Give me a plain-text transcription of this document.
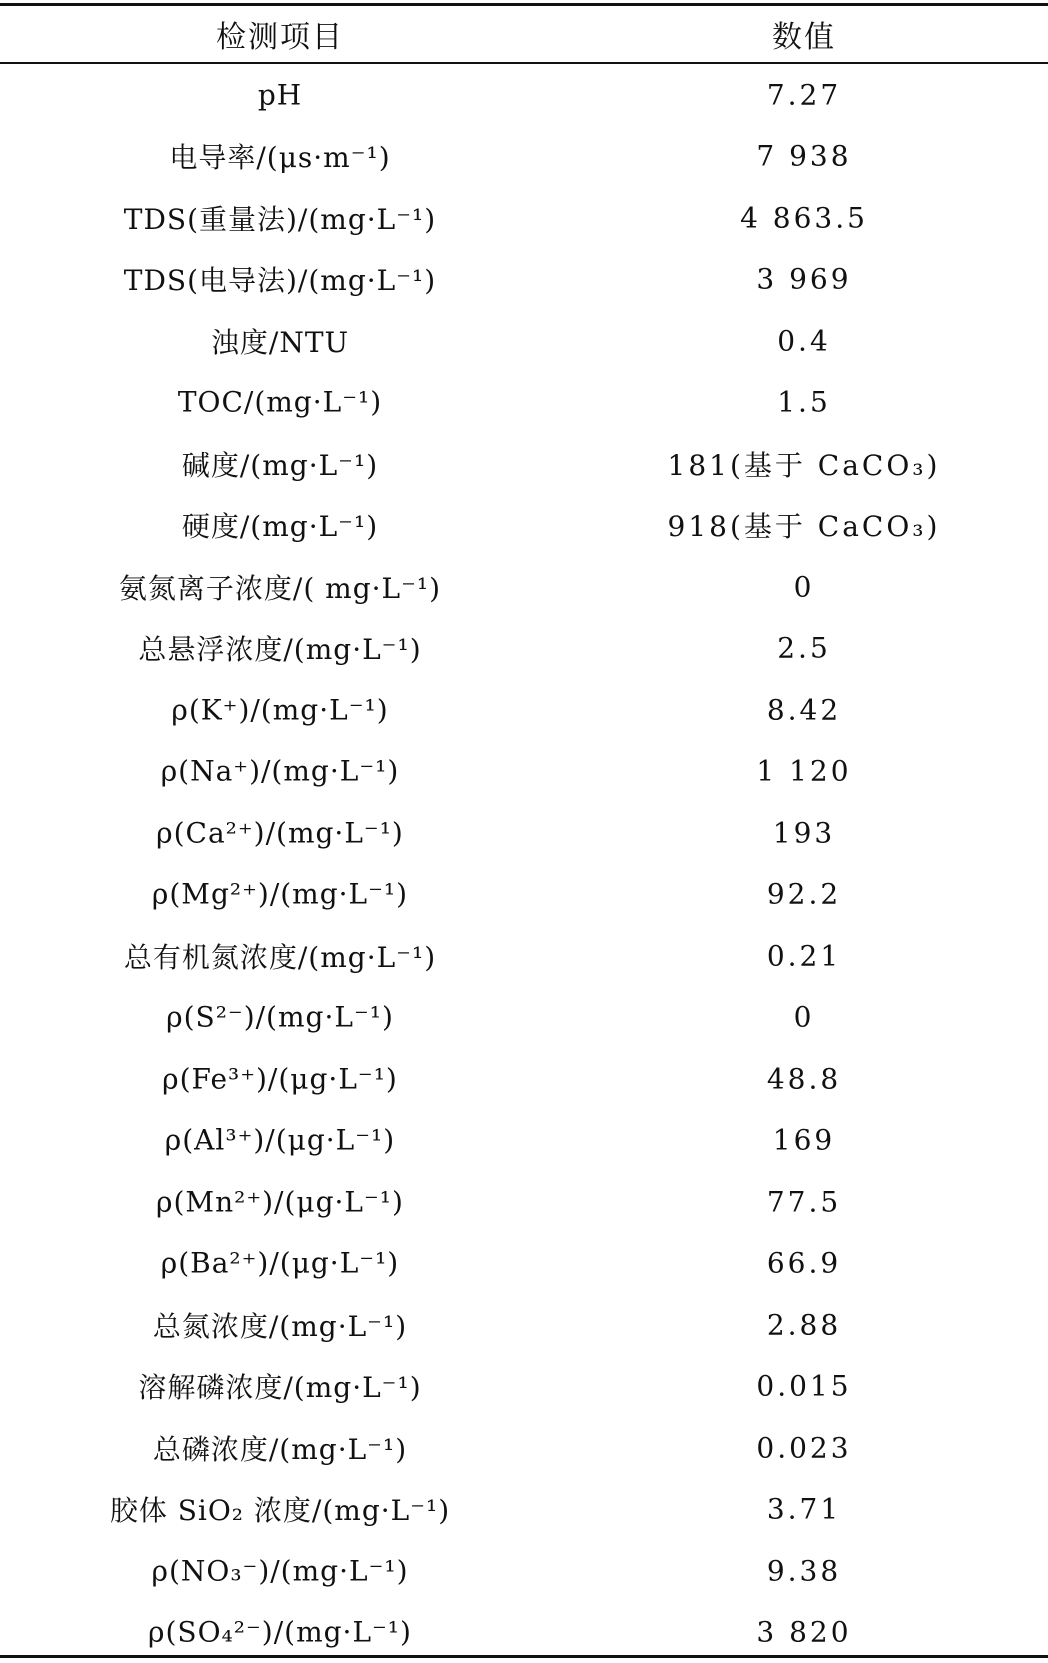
检测项目	数值
pH	7.27
电导率/(μs·m⁻¹)	7 938
TDS(重量法)/(mg·L⁻¹)	4 863.5
TDS(电导法)/(mg·L⁻¹)	3 969
浊度/NTU	0.4
TOC/(mg·L⁻¹)	1.5
碱度/(mg·L⁻¹)	181(基于 CaCO₃)
硬度/(mg·L⁻¹)	918(基于 CaCO₃)
氨氮离子浓度/( mg·L⁻¹)	0
总悬浮浓度/(mg·L⁻¹)	2.5
ρ(K⁺)/(mg·L⁻¹)	8.42
ρ(Na⁺)/(mg·L⁻¹)	1 120
ρ(Ca²⁺)/(mg·L⁻¹)	193
ρ(Mg²⁺)/(mg·L⁻¹)	92.2
总有机氮浓度/(mg·L⁻¹)	0.21
ρ(S²⁻)/(mg·L⁻¹)	0
ρ(Fe³⁺)/(μg·L⁻¹)	48.8
ρ(Al³⁺)/(μg·L⁻¹)	169
ρ(Mn²⁺)/(μg·L⁻¹)	77.5
ρ(Ba²⁺)/(μg·L⁻¹)	66.9
总氮浓度/(mg·L⁻¹)	2.88
溶解磷浓度/(mg·L⁻¹)	0.015
总磷浓度/(mg·L⁻¹)	0.023
胶体 SiO₂ 浓度/(mg·L⁻¹)	3.71
ρ(NO₃⁻)/(mg·L⁻¹)	9.38
ρ(SO₄²⁻)/(mg·L⁻¹)	3 820
